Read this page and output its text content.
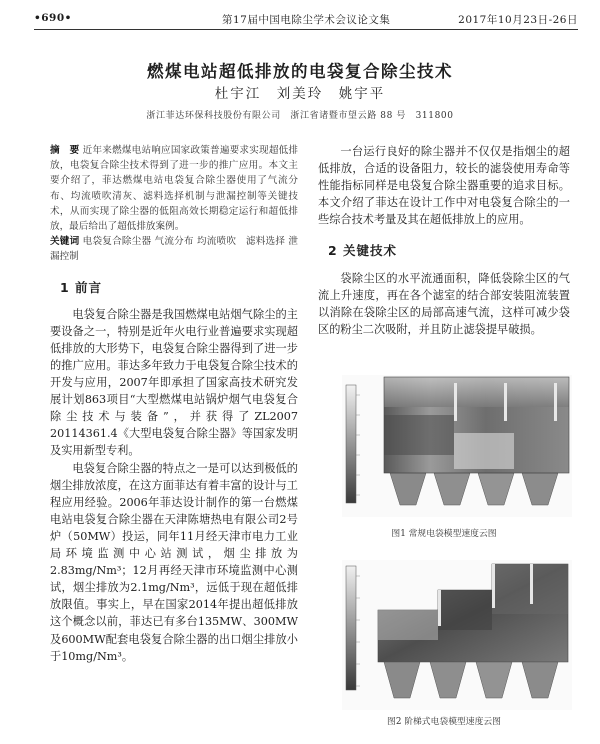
•690•	第17届中国电除尘学术会议论文集	2017年10月23日-26日
燃煤电站超低排放的电袋复合除尘技术
杜宇江　刘美玲　姚宇平
浙江菲达环保科技股份有限公司　浙江省诸暨市望云路 88 号　311800
摘　要 近年来燃煤电站响应国家政策普遍要求实现超低排放，电袋复合除尘技术得到了进一步的推广应用。本文主要介绍了，菲达燃煤电站电袋复合除尘器使用了气流分布、均流喷吹清灰、滤料选择机制与泄漏控制等关键技术，从而实现了除尘器的低阻高效长期稳定运行和超低排放，最后给出了超低排放案例。
关键词 电袋复合除尘器 气流分布 均流喷吹　滤料选择 泄漏控制
1 前言

电袋复合除尘器是我国燃煤电站烟气除尘的主要设备之一，特别是近年火电行业普遍要求实现超低排放的大形势下，电袋复合除尘器得到了进一步的推广应用。菲达多年致力于电袋复合除尘技术的开发与应用，2007年即承担了国家高技术研究发展计划863项目“大型燃煤电站锅炉烟气电袋复合除尘技术与装备”，并获得了ZL2007 20114361.4《大型电袋复合除尘器》等国家发明及实用新型专利。

电袋复合除尘器的特点之一是可以达到极低的烟尘排放浓度，在这方面菲达有着丰富的设计与工程应用经验。2006年菲达设计制作的第一台燃煤电站电袋复合除尘器在天津陈塘热电有限公司2号炉（50MW）投运，同年11月经天津市电力工业局环境监测中心站测试，烟尘排放为2.83mg/Nm³；12月再经天津市环境监测中心测试，烟尘排放为2.1mg/Nm³，远低于现在超低排放限值。事实上，早在国家2014年提出超低排放这个概念以前，菲达已有多台135MW、300MW及600MW配套电袋复合除尘器的出口烟尘排放小于10mg/Nm³。

一台运行良好的除尘器并不仅仅是指烟尘的超低排放，合适的设备阻力，较长的滤袋使用寿命等性能指标同样是电袋复合除尘器重要的追求目标。本文介绍了菲达在设计工作中对电袋复合除尘的一些综合技术考量及其在超低排放上的应用。

2 关键技术

袋除尘区的水平流通面积，降低袋除尘区的气流上升速度，再在各个滤室的结合部安装阻流装置以消除在袋除尘区的局部高速气流，这样可减少袋区的粉尘二次吸附，并且防止滤袋提早破损。

图1 常规电袋模型速度云图
图2 阶梯式电袋模型速度云图
